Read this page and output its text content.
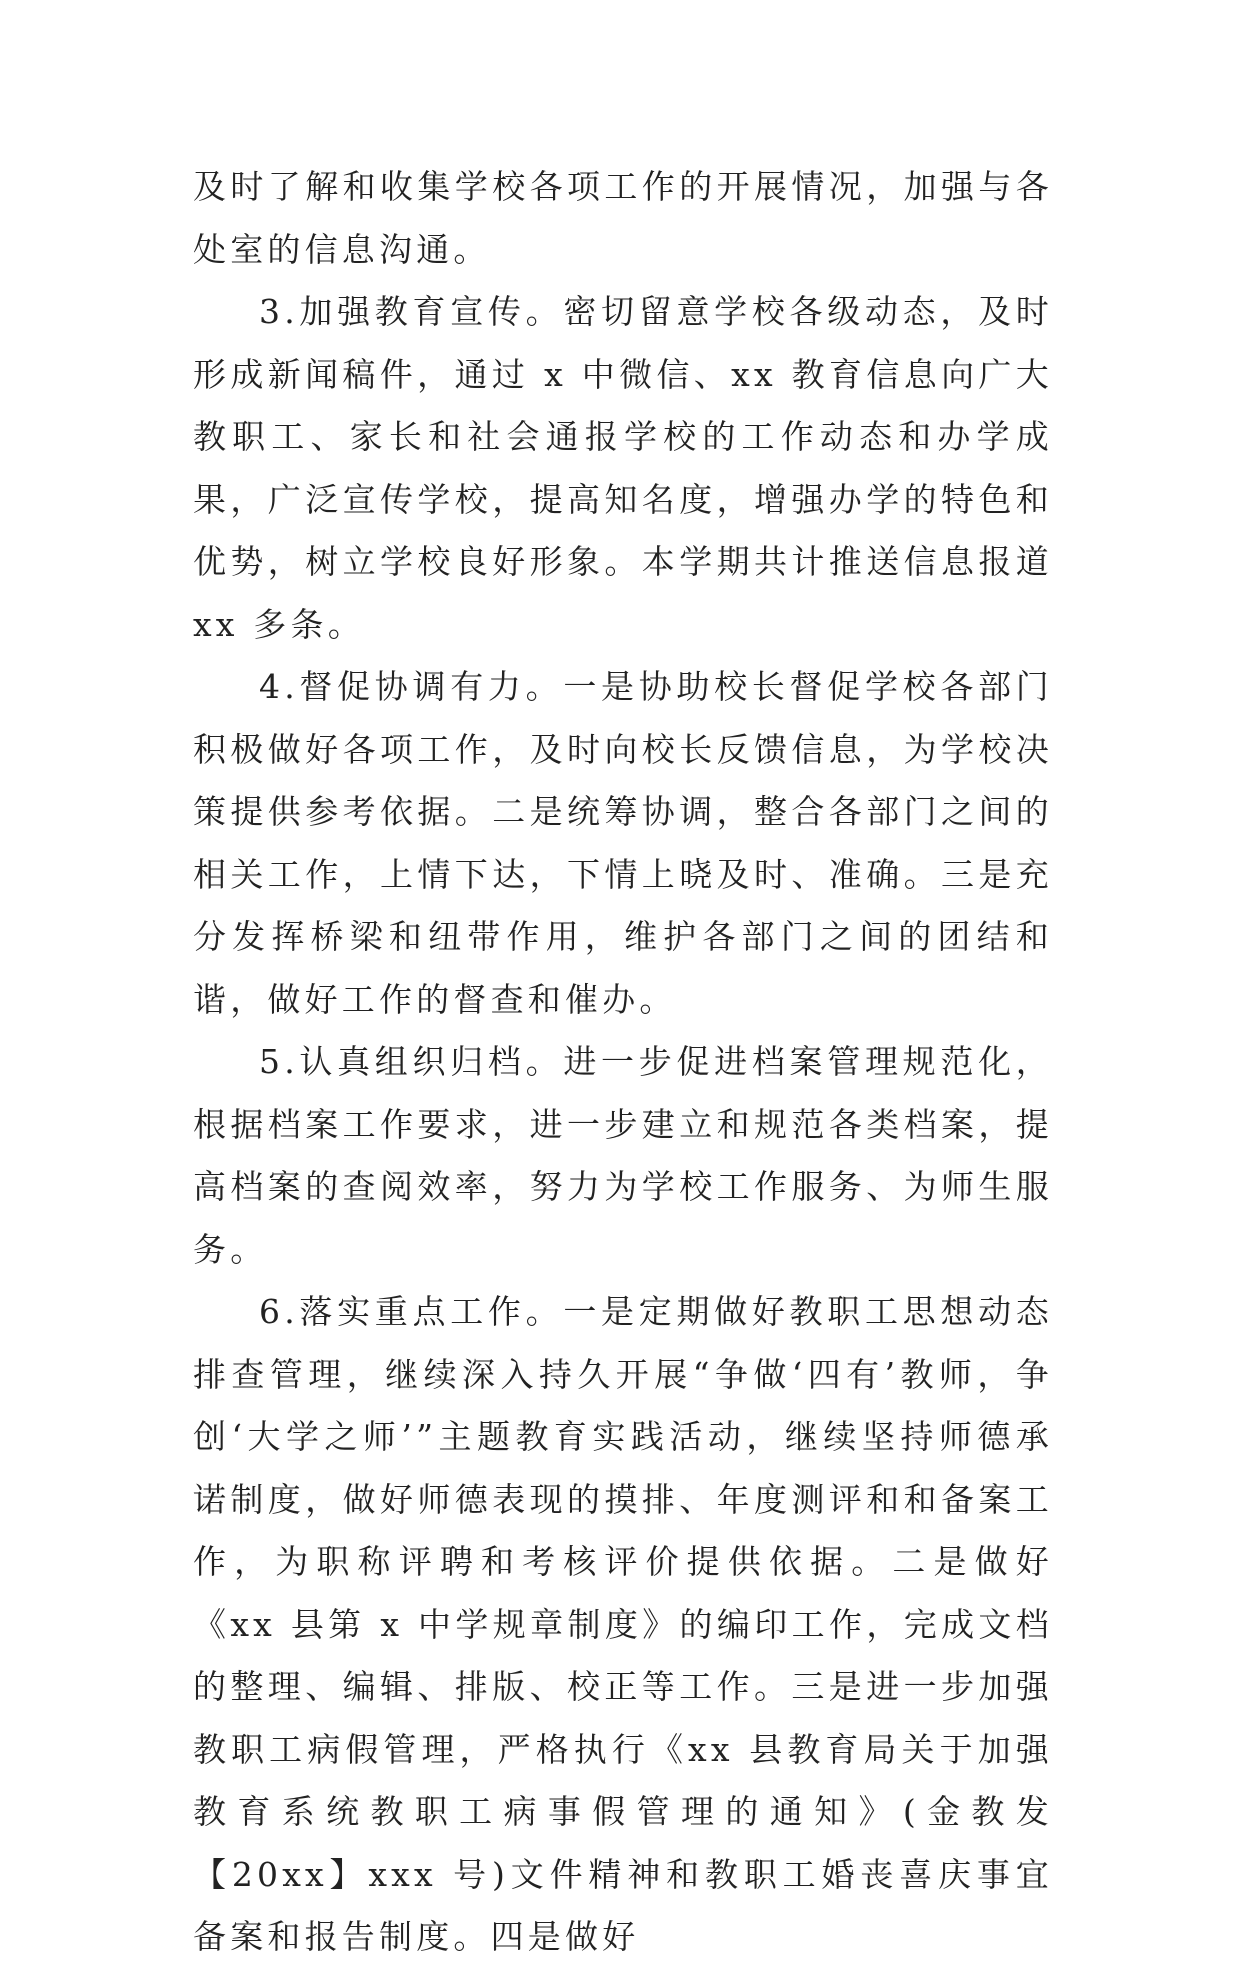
及时了解和收集学校各项工作的开展情况，加强与各处室的信息沟通。

3.加强教育宣传。密切留意学校各级动态，及时形成新闻稿件，通过 x 中微信、xx 教育信息向广大教职工、家长和社会通报学校的工作动态和办学成果，广泛宣传学校，提高知名度，增强办学的特色和优势，树立学校良好形象。本学期共计推送信息报道 xx 多条。

4.督促协调有力。一是协助校长督促学校各部门积极做好各项工作，及时向校长反馈信息，为学校决策提供参考依据。二是统筹协调，整合各部门之间的相关工作，上情下达，下情上晓及时、准确。三是充分发挥桥梁和纽带作用，维护各部门之间的团结和谐，做好工作的督查和催办。

5.认真组织归档。进一步促进档案管理规范化，根据档案工作要求，进一步建立和规范各类档案，提高档案的查阅效率，努力为学校工作服务、为师生服务。

6.落实重点工作。一是定期做好教职工思想动态排查管理，继续深入持久开展“争做‘四有’教师，争创‘大学之师’”主题教育实践活动，继续坚持师德承诺制度，做好师德表现的摸排、年度测评和和备案工作，为职称评聘和考核评价提供依据。二是做好《xx 县第 x 中学规章制度》的编印工作，完成文档的整理、编辑、排版、校正等工作。三是进一步加强教职工病假管理，严格执行《xx 县教育局关于加强教育系统教职工病事假管理的通知》(金教发【20xx】xxx 号)文件精神和教职工婚丧喜庆事宜备案和报告制度。四是做好
